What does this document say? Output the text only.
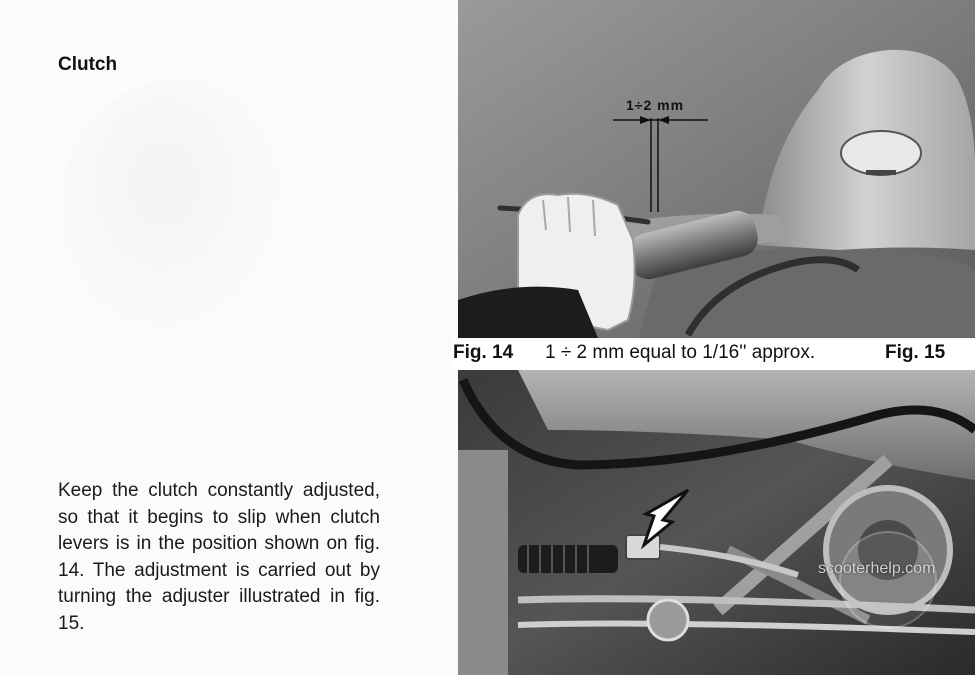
Clutch

Keep the clutch constantly adjusted, so that it begins to slip when clutch levers is in the position shown on fig. 14. The adjustment is carried out by turning the adjuster illustrated in fig. 15.

1÷2 mm
Fig. 14 1 ÷ 2 mm equal to 1/16'' approx.	Fig. 15
scooterhelp.com
